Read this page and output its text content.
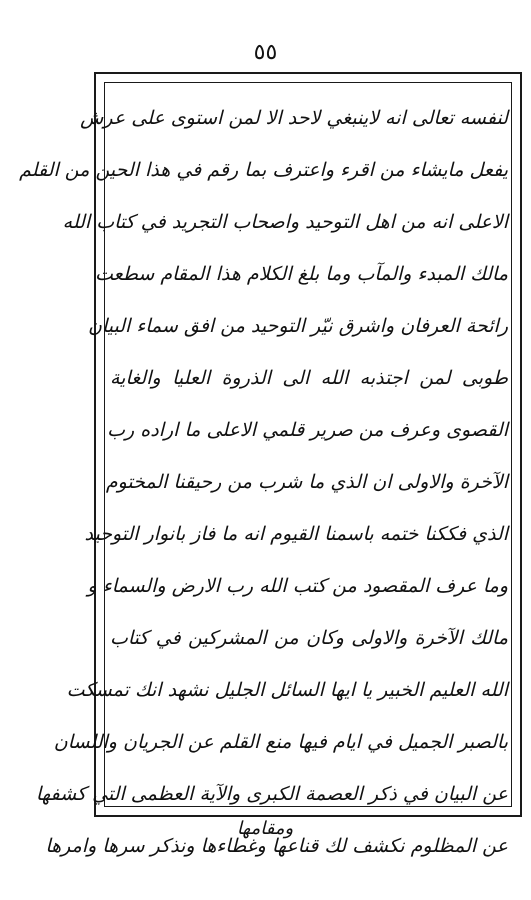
٥٥
لنفسه تعالى انه لاينبغي لاحد الا لمن استوى على عرش
يفعل مايشاء من اقرء واعترف بما رقم في هذا الحين من القلم
الاعلى انه من اهل التوحيد واصحاب التجريد في كتاب الله
مالك المبدء والمآب وما بلغ الكلام هذا المقام سطعت
رائحة العرفان واشرق نيّر التوحيد من افق سماء البيان
طوبى لمن اجتذبه الله الى الذروة العليا والغاية
القصوى وعرف من صرير قلمي الاعلى ما اراده رب
الآخرة والاولى ان الذي ما شرب من رحيقنا المختوم
الذي فككنا ختمه باسمنا القيوم انه ما فاز بانوار التوحيد
وما عرف المقصود من كتب الله رب الارض والسماء و
مالك الآخرة والاولى وكان من المشركين في كتاب
الله العليم الخبير يا ايها السائل الجليل نشهد انك تمسكت
بالصبر الجميل في ايام فيها منع القلم عن الجريان واللسان
عن البيان في ذكر العصمة الكبرى والآية العظمى التي كشفها
عن المظلوم نكشف لك قناعها وغطاءها ونذكر سرها وامرها
ومقامها
